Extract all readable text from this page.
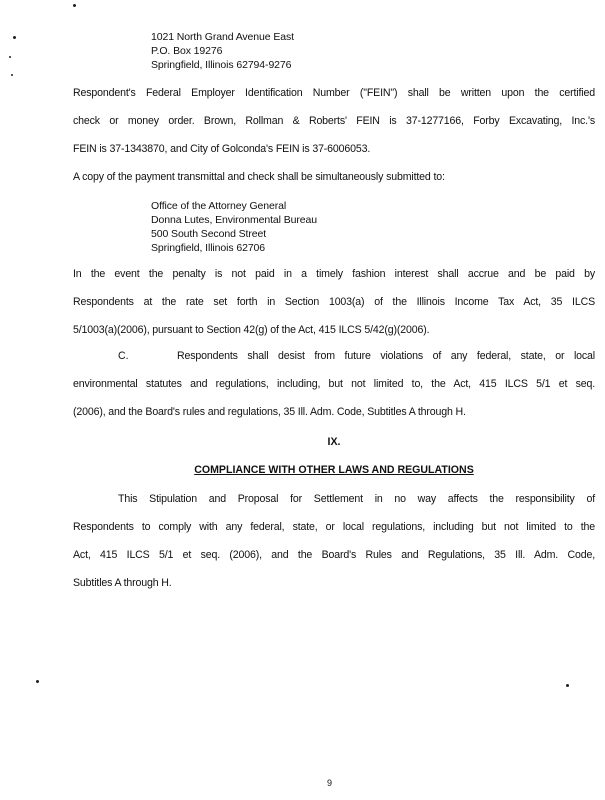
1021 North Grand Avenue East
P.O. Box 19276
Springfield, Illinois 62794-9276
Respondent's Federal Employer Identification Number ("FEIN") shall be written upon the certified
check or money order. Brown, Rollman & Roberts' FEIN is 37-1277166, Forby Excavating, Inc.'s
FEIN is 37-1343870, and City of Golconda's FEIN is 37-6006053.
A copy of the payment transmittal and check shall be simultaneously submitted to:
Office of the Attorney General
Donna Lutes, Environmental Bureau
500 South Second Street
Springfield, Illinois 62706
In the event the penalty is not paid in a timely fashion interest shall accrue and be paid by
Respondents at the rate set forth in Section 1003(a) of the Illinois Income Tax Act, 35 ILCS
5/1003(a)(2006), pursuant to Section 42(g) of the Act, 415 ILCS 5/42(g)(2006).
C.	Respondents shall desist from future violations of any federal, state, or local
environmental statutes and regulations, including, but not limited to, the Act, 415 ILCS 5/1 et seq.
(2006), and the Board's rules and regulations, 35 Ill. Adm. Code, Subtitles A through H.
IX.
COMPLIANCE WITH OTHER LAWS AND REGULATIONS
This Stipulation and Proposal for Settlement in no way affects the responsibility of
Respondents to comply with any federal, state, or local regulations, including but not limited to the
Act, 415 ILCS 5/1 et seq. (2006), and the Board's Rules and Regulations, 35 Ill. Adm. Code,
Subtitles A through H.
9
